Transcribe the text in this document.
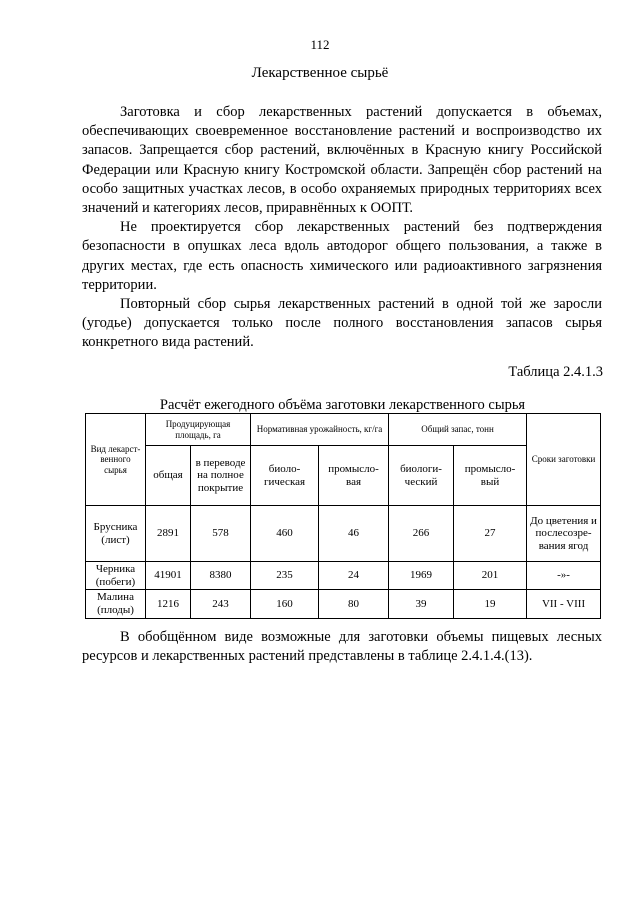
112
Лекарственное сырьё

Заготовка и сбор лекарственных растений допускается в объемах, обеспечивающих своевременное восстановление растений и воспроизводство их запасов. Запрещается сбор растений, включённых в Красную книгу Российской Федерации или Красную книгу Костромской области. Запрещён сбор растений на особо защитных участках лесов, в особо охраняемых природных территориях всех значений и категориях лесов, приравнённых к ООПТ.

Не проектируется сбор лекарственных растений без подтверждения безопасности в опушках леса вдоль автодорог общего пользования, а также в других местах, где есть опасность химического или радиоактивного загрязнения территории.

Повторный сбор сырья лекарственных растений в одной той же заросли (угодье) допускается только после полного восстановления запасов сырья конкретного вида растений.

Таблица 2.4.1.3
Расчёт ежегодного объёма заготовки лекарственного сырья
Вид лекарст-венного сырья	Продуцирующая площадь, га		Нормативная урожайность, кг/га		Общий запас, тонн		Сроки заготовки
	общая	в переводе на полное покрытие	биоло-гическая	промысло-вая	биологи-ческий	промысло-вый	
Брусника (лист)	2891	578	460	46	266	27	До цветения и послесозре-вания ягод
Черника (побеги)	41901	8380	235	24	1969	201	-»-
Малина (плоды)	1216	243	160	80	39	19	VII - VIII

В обобщённом виде возможные для заготовки объемы пищевых лесных ресурсов и лекарственных растений представлены в таблице 2.4.1.4.(13).
